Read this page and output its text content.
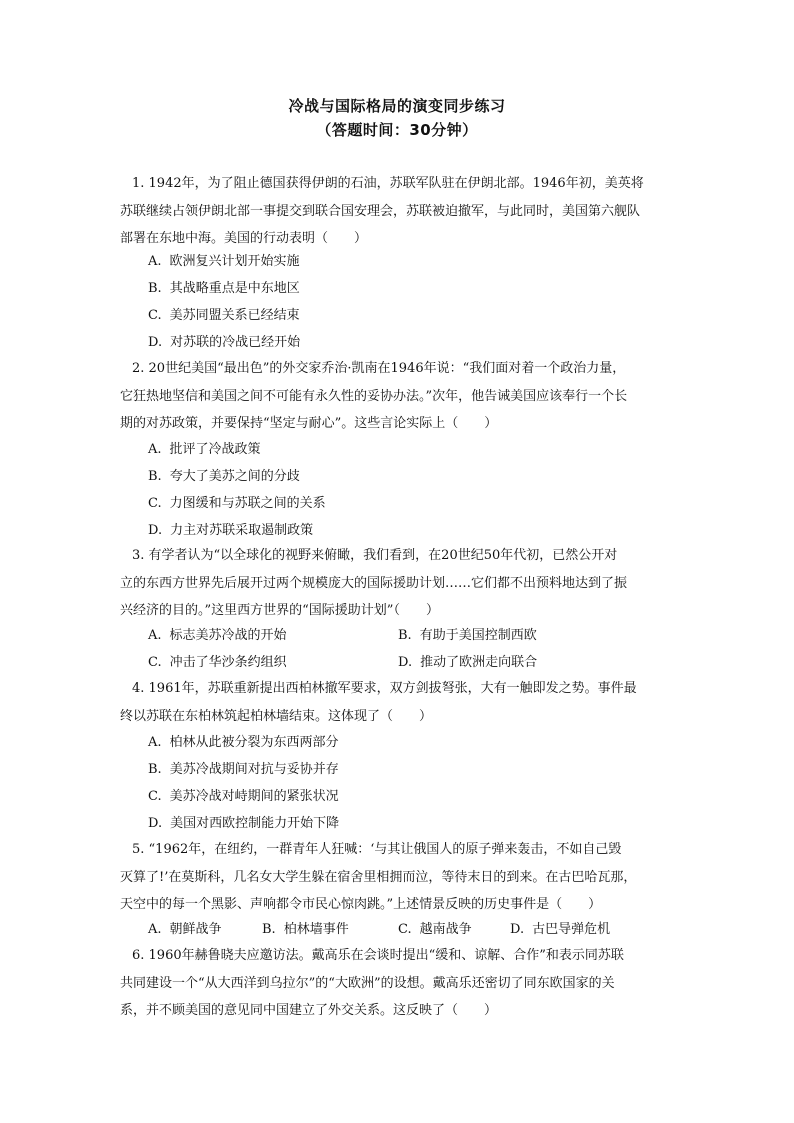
冷战与国际格局的演变同步练习
（答题时间：30分钟）
1. 1942年，为了阻止德国获得伊朗的石油，苏联军队驻在伊朗北部。1946年初，美英将
苏联继续占领伊朗北部一事提交到联合国安理会，苏联被迫撤军，与此同时，美国第六舰队
部署在东地中海。美国的行动表明（　　）
A. 欧洲复兴计划开始实施
B. 其战略重点是中东地区
C. 美苏同盟关系已经结束
D. 对苏联的冷战已经开始
2. 20世纪美国“最出色”的外交家乔治·凯南在1946年说：“我们面对着一个政治力量，
它狂热地坚信和美国之间不可能有永久性的妥协办法。”次年，他告诫美国应该奉行一个长
期的对苏政策，并要保持“坚定与耐心”。这些言论实际上（　　）
A. 批评了冷战政策
B. 夸大了美苏之间的分歧
C. 力图缓和与苏联之间的关系
D. 力主对苏联采取遏制政策
3. 有学者认为“以全球化的视野来俯瞰，我们看到，在20世纪50年代初，已然公开对
立的东西方世界先后展开过两个规模庞大的国际援助计划……它们都不出预料地达到了振
兴经济的目的。”这里西方世界的“国际援助计划”（　　）
A. 标志美苏冷战的开始	B. 有助于美国控制西欧
C. 冲击了华沙条约组织	D. 推动了欧洲走向联合
4. 1961年，苏联重新提出西柏林撤军要求，双方剑拔弩张，大有一触即发之势。事件最
终以苏联在东柏林筑起柏林墙结束。这体现了（　　）
A. 柏林从此被分裂为东西两部分
B. 美苏冷战期间对抗与妥协并存
C. 美苏冷战对峙期间的紧张状况
D. 美国对西欧控制能力开始下降
5. “1962年，在纽约，一群青年人狂喊：‘与其让俄国人的原子弹来轰击，不如自己毁
灭算了!’在莫斯科，几名女大学生躲在宿舍里相拥而泣，等待末日的到来。在古巴哈瓦那，
天空中的每一个黑影、声响都令市民心惊肉跳。”上述情景反映的历史事件是（　　）
A. 朝鲜战争	B. 柏林墙事件	C. 越南战争	D. 古巴导弹危机
6. 1960年赫鲁晓夫应邀访法。戴高乐在会谈时提出“缓和、谅解、合作”和表示同苏联
共同建设一个“从大西洋到乌拉尔”的“大欧洲”的设想。戴高乐还密切了同东欧国家的关
系，并不顾美国的意见同中国建立了外交关系。这反映了（　　）
